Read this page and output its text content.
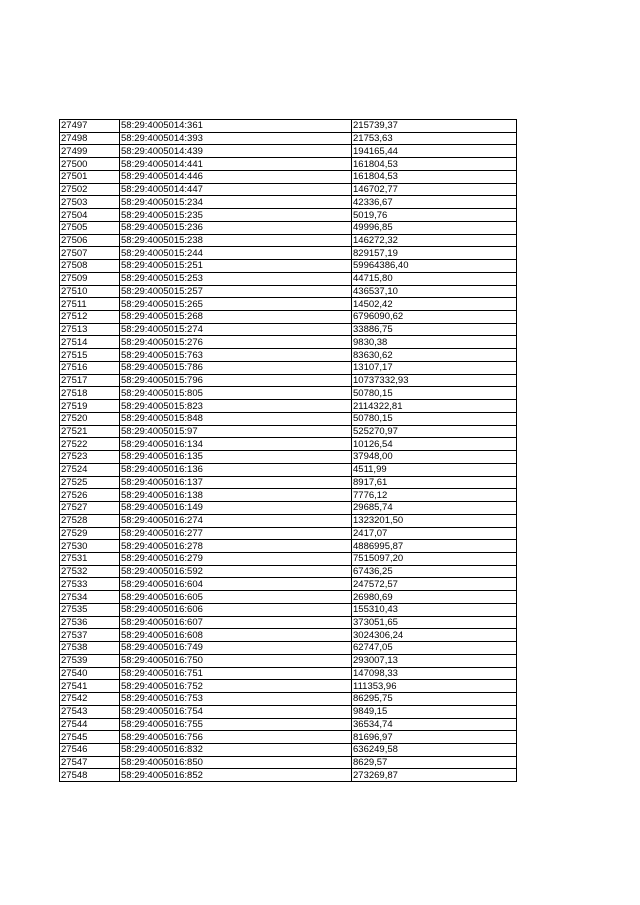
27497	58:29:4005014:361	215739,37
27498	58:29:4005014:393	21753,63
27499	58:29:4005014:439	194165,44
27500	58:29:4005014:441	161804,53
27501	58:29:4005014:446	161804,53
27502	58:29:4005014:447	146702,77
27503	58:29:4005015:234	42336,67
27504	58:29:4005015:235	5019,76
27505	58:29:4005015:236	49996,85
27506	58:29:4005015:238	146272,32
27507	58:29:4005015:244	829157,19
27508	58:29:4005015:251	59964386,40
27509	58:29:4005015:253	44715,80
27510	58:29:4005015:257	436537,10
27511	58:29:4005015:265	14502,42
27512	58:29:4005015:268	6796090,62
27513	58:29:4005015:274	33886,75
27514	58:29:4005015:276	9830,38
27515	58:29:4005015:763	83630,62
27516	58:29:4005015:786	13107,17
27517	58:29:4005015:796	10737332,93
27518	58:29:4005015:805	50780,15
27519	58:29:4005015:823	2114322,81
27520	58:29:4005015:848	50780,15
27521	58:29:4005015:97	525270,97
27522	58:29:4005016:134	10126,54
27523	58:29:4005016:135	37948,00
27524	58:29:4005016:136	4511,99
27525	58:29:4005016:137	8917,61
27526	58:29:4005016:138	7776,12
27527	58:29:4005016:149	29685,74
27528	58:29:4005016:274	1323201,50
27529	58:29:4005016:277	2417,07
27530	58:29:4005016:278	4886995,87
27531	58:29:4005016:279	7515097,20
27532	58:29:4005016:592	67436,25
27533	58:29:4005016:604	247572,57
27534	58:29:4005016:605	26980,69
27535	58:29:4005016:606	155310,43
27536	58:29:4005016:607	373051,65
27537	58:29:4005016:608	3024306,24
27538	58:29:4005016:749	62747,05
27539	58:29:4005016:750	293007,13
27540	58:29:4005016:751	147098,33
27541	58:29:4005016:752	111353,96
27542	58:29:4005016:753	86295,75
27543	58:29:4005016:754	9849,15
27544	58:29:4005016:755	36534,74
27545	58:29:4005016:756	81696,97
27546	58:29:4005016:832	636249,58
27547	58:29:4005016:850	8629,57
27548	58:29:4005016:852	273269,87
